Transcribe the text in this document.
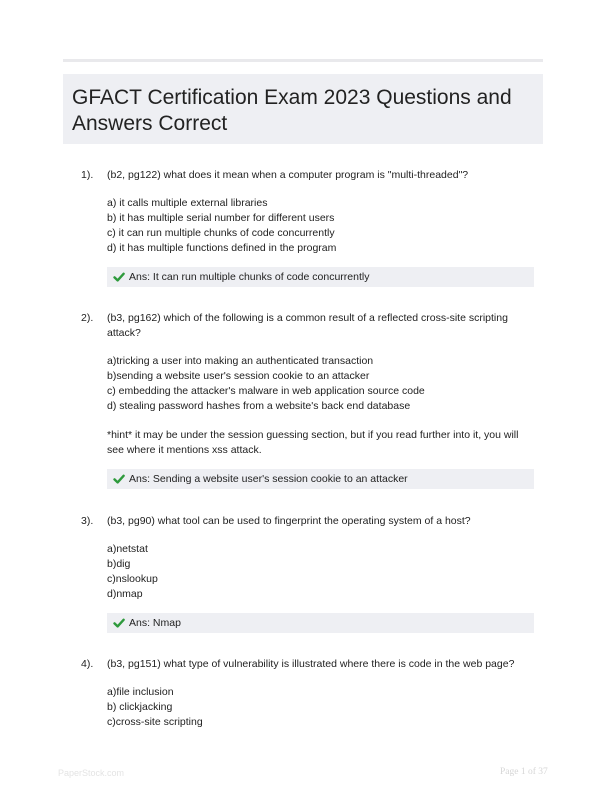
GFACT Certification Exam 2023 Questions and Answers Correct
1). (b2, pg122) what does it mean when a computer program is "multi-threaded"?

a) it calls multiple external libraries
b) it has multiple serial number for different users
c) it can run multiple chunks of code concurrently
d) it has multiple functions defined in the program
Ans: It can run multiple chunks of code concurrently
2). (b3, pg162) which of the following is a common result of a reflected cross-site scripting attack?

a)tricking a user into making an authenticated transaction
b)sending a website user's session cookie to an attacker
c) embedding the attacker's malware in web application source code
d) stealing password hashes from a website's back end database

*hint* it may be under the session guessing section, but if you read further into it, you will see where it mentions xss attack.

Ans: Sending a website user's session cookie to an attacker
3). (b3, pg90) what tool can be used to fingerprint the operating system of a host?

a)netstat
b)dig
c)nslookup
d)nmap
Ans: Nmap
4). (b3, pg151) what type of vulnerability is illustrated where there is code in the web page?

a)file inclusion
b) clickjacking
c)cross-site scripting
PaperStock.com	Page 1 of 37
